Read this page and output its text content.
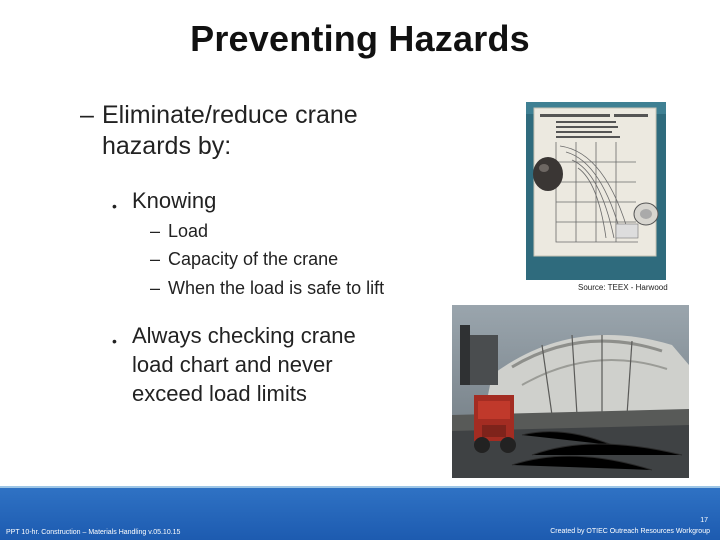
Preventing Hazards
– Eliminate/reduce crane hazards by:
• Knowing
– Load
– Capacity of the crane
– When the load is safe to lift
• Always checking crane load chart and never exceed load limits
Source: TEEX - Harwood
PPT 10-hr. Construction – Materials Handling v.05.10.15
17
Created by OTIEC Outreach Resources Workgroup
